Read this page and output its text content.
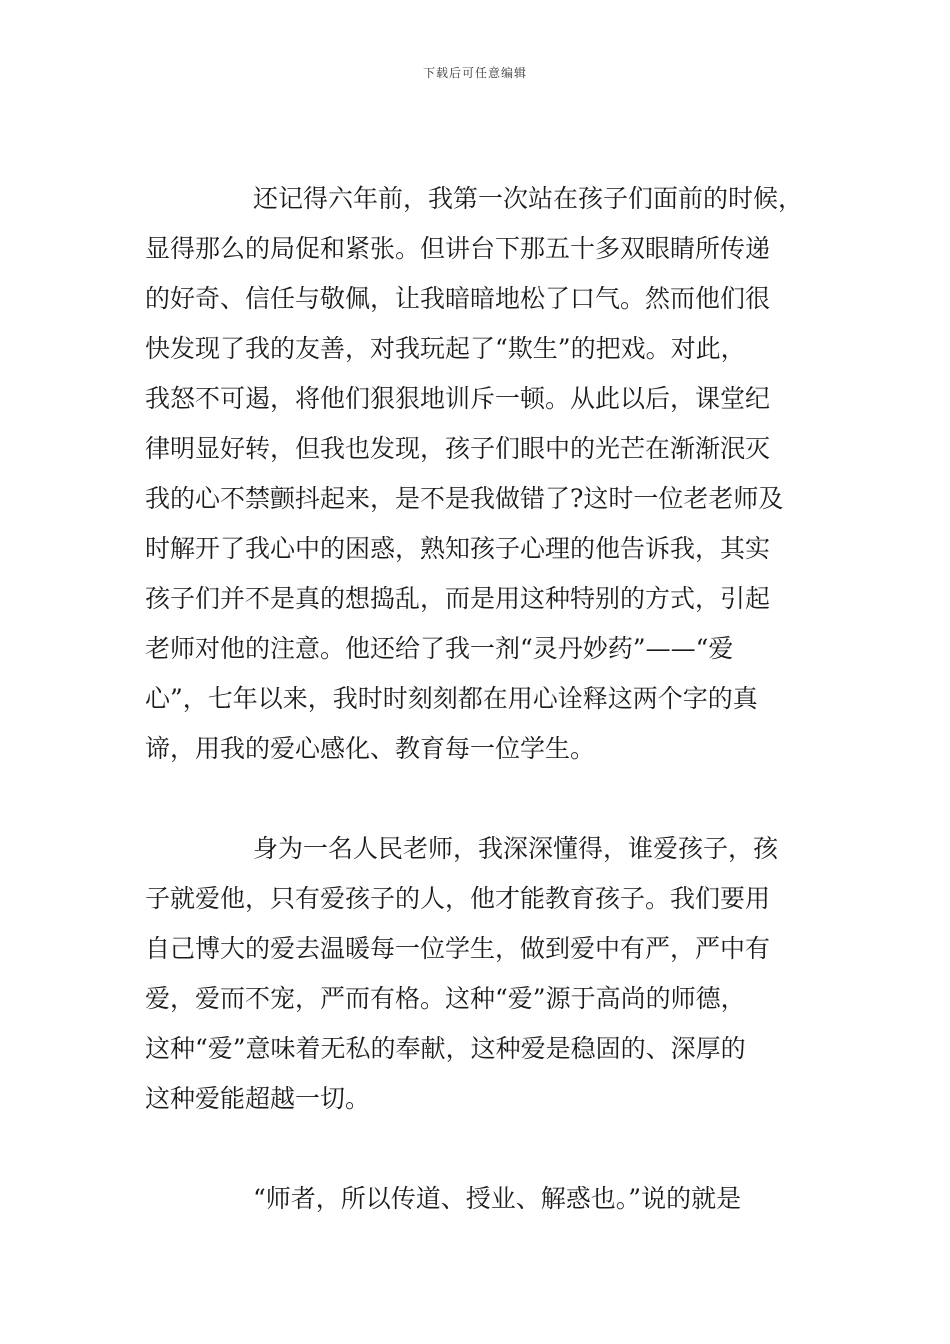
下载后可任意编辑
还记得六年前，我第一次站在孩子们面前的时候，
显得那么的局促和紧张。但讲台下那五十多双眼睛所传递
的好奇、信任与敬佩，让我暗暗地松了口气。然而他们很
快发现了我的友善，对我玩起了“欺生”的把戏。对此，
我怒不可遏，将他们狠狠地训斥一顿。从此以后，课堂纪
律明显好转，但我也发现，孩子们眼中的光芒在渐渐泯灭
我的心不禁颤抖起来，是不是我做错了?这时一位老老师及
时解开了我心中的困惑，熟知孩子心理的他告诉我，其实
孩子们并不是真的想捣乱，而是用这种特别的方式，引起
老师对他的注意。他还给了我一剂“灵丹妙药”——“爱
心”，七年以来，我时时刻刻都在用心诠释这两个字的真
谛，用我的爱心感化、教育每一位学生。
身为一名人民老师，我深深懂得，谁爱孩子，孩
子就爱他，只有爱孩子的人，他才能教育孩子。我们要用
自己博大的爱去温暖每一位学生，做到爱中有严，严中有
爱，爱而不宠，严而有格。这种“爱”源于高尚的师德，
这种“爱”意味着无私的奉献，这种爱是稳固的、深厚的
这种爱能超越一切。
“师者，所以传道、授业、解惑也。”说的就是
